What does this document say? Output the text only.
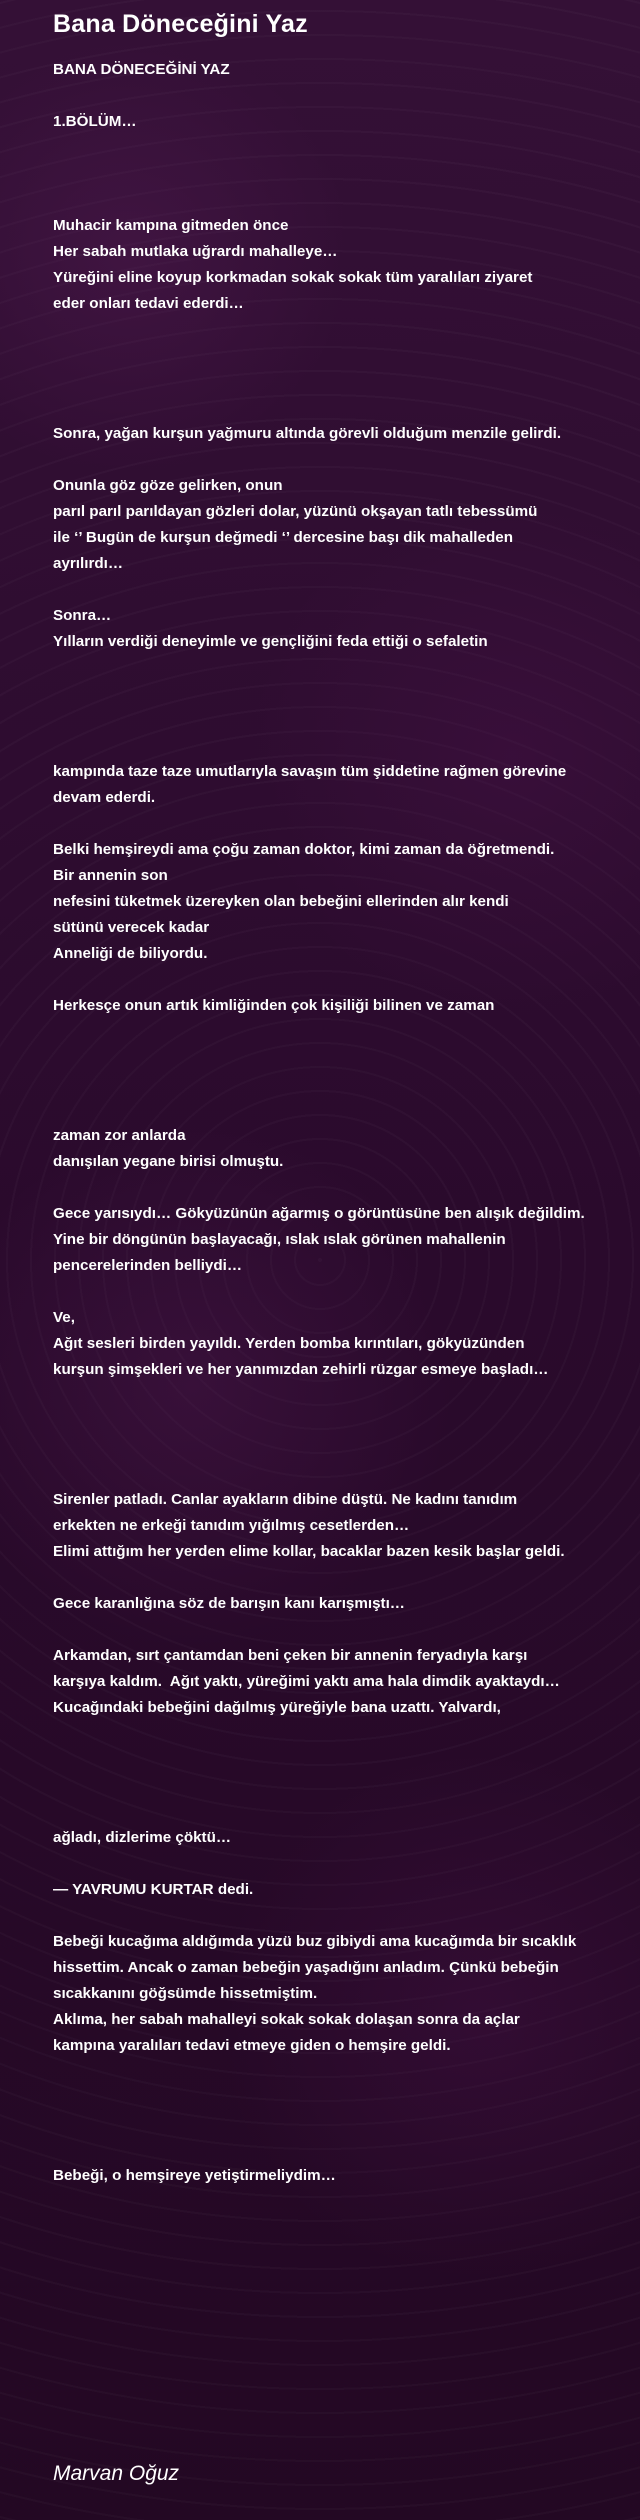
Bana Döneceğini Yaz
BANA DÖNECEĞİNİ YAZ
1.BÖLÜM…
Muhacir kampına gitmeden önce
Her sabah mutlaka uğrardı mahalleye…
Yüreğini eline koyup korkmadan sokak sokak tüm yaralıları ziyaret
eder onları tedavi ederdi…
Sonra, yağan kurşun yağmuru altında görevli olduğum menzile gelirdi.
Onunla göz göze gelirken, onun
parıl parıl parıldayan gözleri dolar, yüzünü okşayan tatlı tebessümü
ile ‘’ Bugün de kurşun değmedi ‘’ dercesine başı dik mahalleden
ayrılırdı…
Sonra…
Yılların verdiği deneyimle ve gençliğini feda ettiği o sefaletin
kampında taze taze umutlarıyla savaşın tüm şiddetine rağmen görevine
devam ederdi.
Belki hemşireydi ama çoğu zaman doktor, kimi zaman da öğretmendi.
Bir annenin son
nefesini tüketmek üzereyken olan bebeğini ellerinden alır kendi
sütünü verecek kadar
Anneliği de biliyordu.
Herkesçe onun artık kimliğinden çok kişiliği bilinen ve zaman
zaman zor anlarda
danışılan yegane birisi olmuştu.
Gece yarısıydı… Gökyüzünün ağarmış o görüntüsüne ben alışık değildim.
Yine bir döngünün başlayacağı, ıslak ıslak görünen mahallenin
pencerelerinden belliydi…
Ve,
Ağıt sesleri birden yayıldı. Yerden bomba kırıntıları, gökyüzünden
kurşun şimşekleri ve her yanımızdan zehirli rüzgar esmeye başladı…
Sirenler patladı. Canlar ayakların dibine düştü. Ne kadını tanıdım
erkekten ne erkeği tanıdım yığılmış cesetlerden…
Elimi attığım her yerden elime kollar, bacaklar bazen kesik başlar geldi.
Gece karanlığına söz de barışın kanı karışmıştı…
Arkamdan, sırt çantamdan beni çeken bir annenin feryadıyla karşı
karşıya kaldım.  Ağıt yaktı, yüreğimi yaktı ama hala dimdik ayaktaydı…
Kucağındaki bebeğini dağılmış yüreğiyle bana uzattı. Yalvardı,
ağladı, dizlerime çöktü…
— YAVRUMU KURTAR dedi.
Bebeği kucağıma aldığımda yüzü buz gibiydi ama kucağımda bir sıcaklık
hissettim. Ancak o zaman bebeğin yaşadığını anladım. Çünkü bebeğin
sıcakkanını göğsümde hissetmiştim.
Aklıma, her sabah mahalleyi sokak sokak dolaşan sonra da açlar
kampına yaralıları tedavi etmeye giden o hemşire geldi.
Bebeği, o hemşireye yetiştirmeliydim…
Marvan Oğuz
